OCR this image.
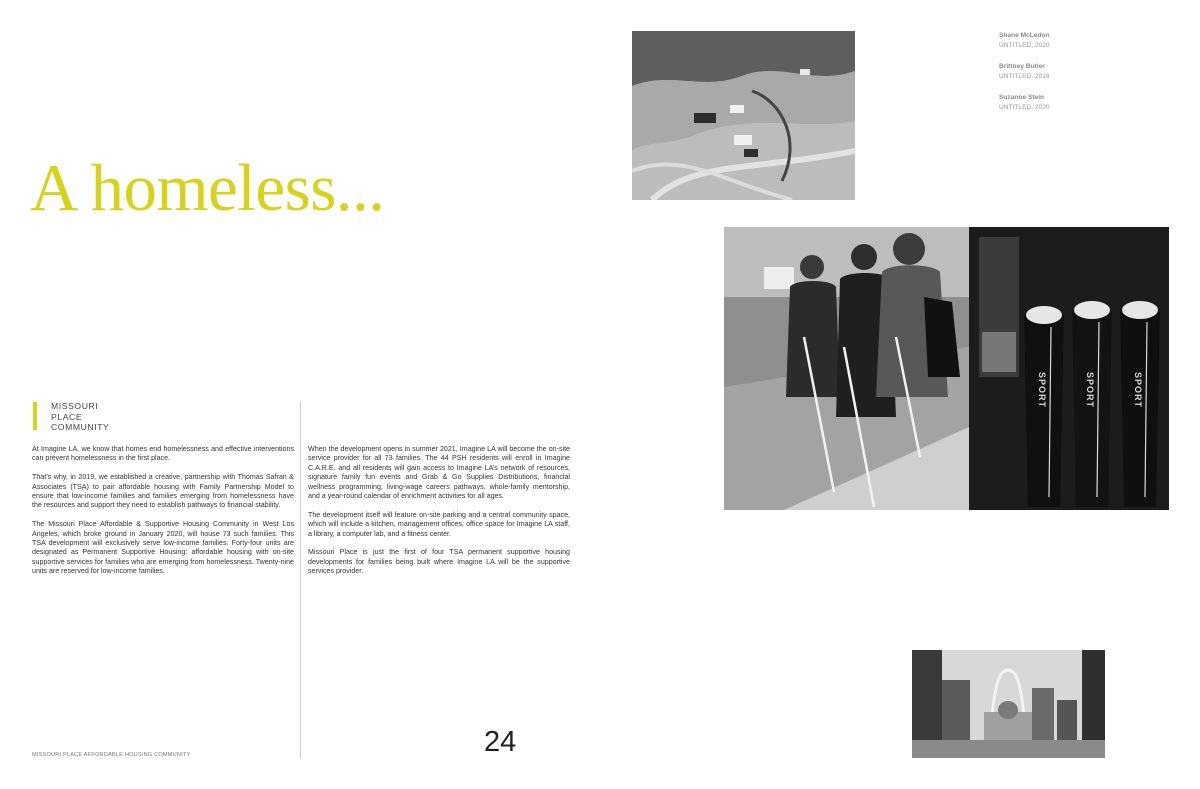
A homeless...
MISSOURI
PLACE
COMMUNITY

At Imagine LA, we know that homes end homelessness and effective interventions can prevent homelessness in the first place.

That’s why, in 2019, we established a creative, partnership with Thomas Safran & Associates (TSA) to pair affordable housing with Family Partnership Model to ensure that low-income families and families emerging from homelessness have the resources and support they need to establish pathways to financial stability.

The Missouri Place Affordable & Supportive Housing Community in West Los Angeles, which broke ground in January 2020, will house 73 such families. This TSA development will exclusively serve low-income families. Forty-four units are designated as Permanent Supportive Housing: affordable housing with on-site supportive services for families who are emerging from homelessness. Twenty-nine units are reserved for low-income families.

When the development opens in summer 2021, Imagine LA will become the on-site service provider for all 73 families. The 44 PSH residents will enroll in Imagine C.A.R.E. and all residents will gain access to Imagine LA’s network of resources, signature family fun events and Grab & Go Supplies Distributions, financial wellness programming, living-wage careers pathways, whole-family mentorship, and a year-round calendar of enrichment activities for all ages.

The development itself will feature on-site parking and a central community space, which will include a kitchen, management offices, office space for Imagine LA staff, a library, a computer lab, and a fitness center.

Missouri Place is just the first of four TSA permanent supportive housing developments for families being built where Imagine LA will be the supportive services provider.

24
MISSOURI PLACE AFFORDABLE HOUSING COMMUNITY
Shane McLedon
UNTITLED, 2020
Brittney Butler
UNTITLED, 2018
Suzanne Stein
UNTITLED, 2020
SPORT	SPORT	SPORT
